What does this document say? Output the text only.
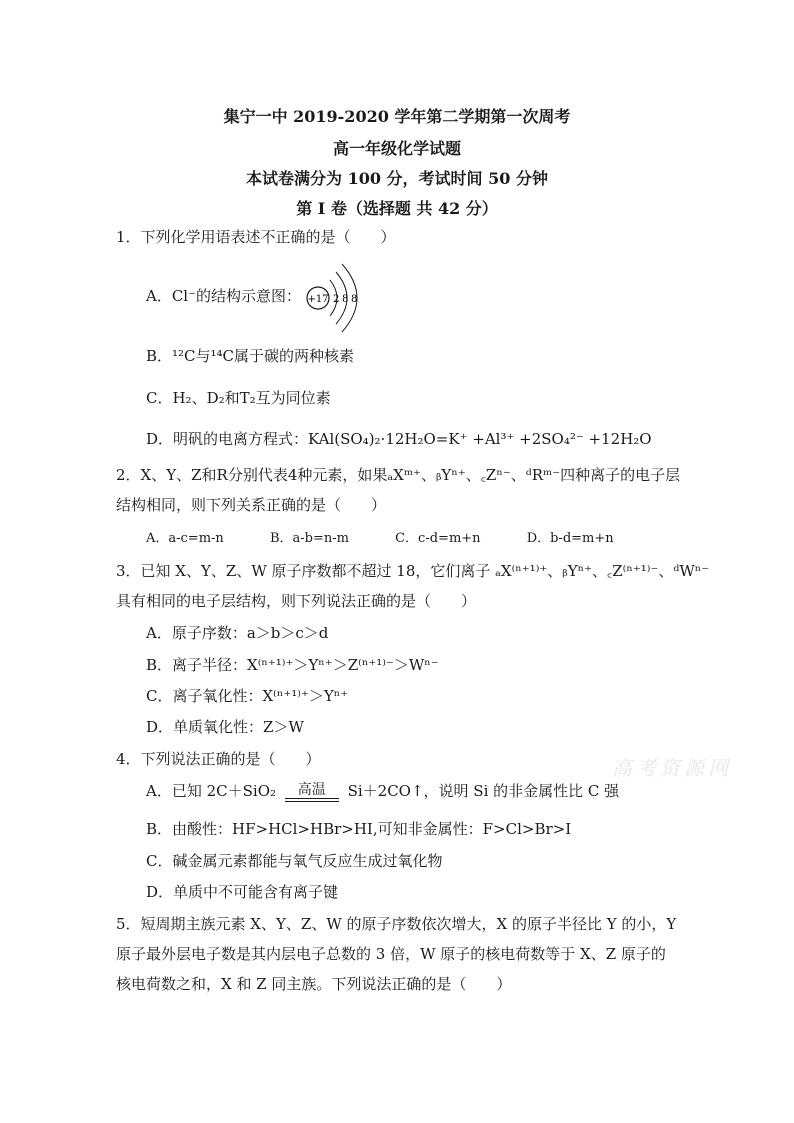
集宁一中 2019-2020 学年第二学期第一次周考
高一年级化学试题
本试卷满分为 100 分，考试时间 50 分钟
第 I 卷（选择题 共 42 分）
1．下列化学用语表述不正确的是（　　）
A．Cl⁻的结构示意图： +17 2 8 8
B．¹²C与¹⁴C属于碳的两种核素
C．H₂、D₂和T₂互为同位素
D．明矾的电离方程式：KAl(SO₄)₂·12H₂O=K⁺ +Al³⁺ +2SO₄²⁻ +12H₂O
2．X、Y、Z和R分别代表4种元素，如果ₐXᵐ⁺、ᵦYⁿ⁺、꜀Zⁿ⁻、ᵈRᵐ⁻四种离子的电子层
结构相同，则下列关系正确的是（　　）
A．a-c=m-n	B．a-b=n-m	C．c-d=m+n	D．b-d=m+n
3．已知 X、Y、Z、W 原子序数都不超过 18，它们离子 ₐX⁽ⁿ⁺¹⁾⁺、ᵦYⁿ⁺、꜀Z⁽ⁿ⁺¹⁾⁻、ᵈWⁿ⁻
具有相同的电子层结构，则下列说法正确的是（　　）
A．原子序数：a＞b＞c＞d
B．离子半径：X⁽ⁿ⁺¹⁾⁺＞Yⁿ⁺＞Z⁽ⁿ⁺¹⁾⁻＞Wⁿ⁻
C．离子氧化性：X⁽ⁿ⁺¹⁾⁺＞Yⁿ⁺
D．单质氧化性：Z＞W
4．下列说法正确的是（　　）
A．已知 2C＋SiO₂	高温	Si＋2CO↑，说明 Si 的非金属性比 C 强
B．由酸性：HF>HCl>HBr>HI,可知非金属性：F>Cl>Br>I
C．碱金属元素都能与氧气反应生成过氧化物
D．单质中不可能含有离子键
5．短周期主族元素 X、Y、Z、W 的原子序数依次增大，X 的原子半径比 Y 的小，Y
原子最外层电子数是其内层电子总数的 3 倍，W 原子的核电荷数等于 X、Z 原子的
核电荷数之和，X 和 Z 同主族。下列说法正确的是（　　）
高考资源网
